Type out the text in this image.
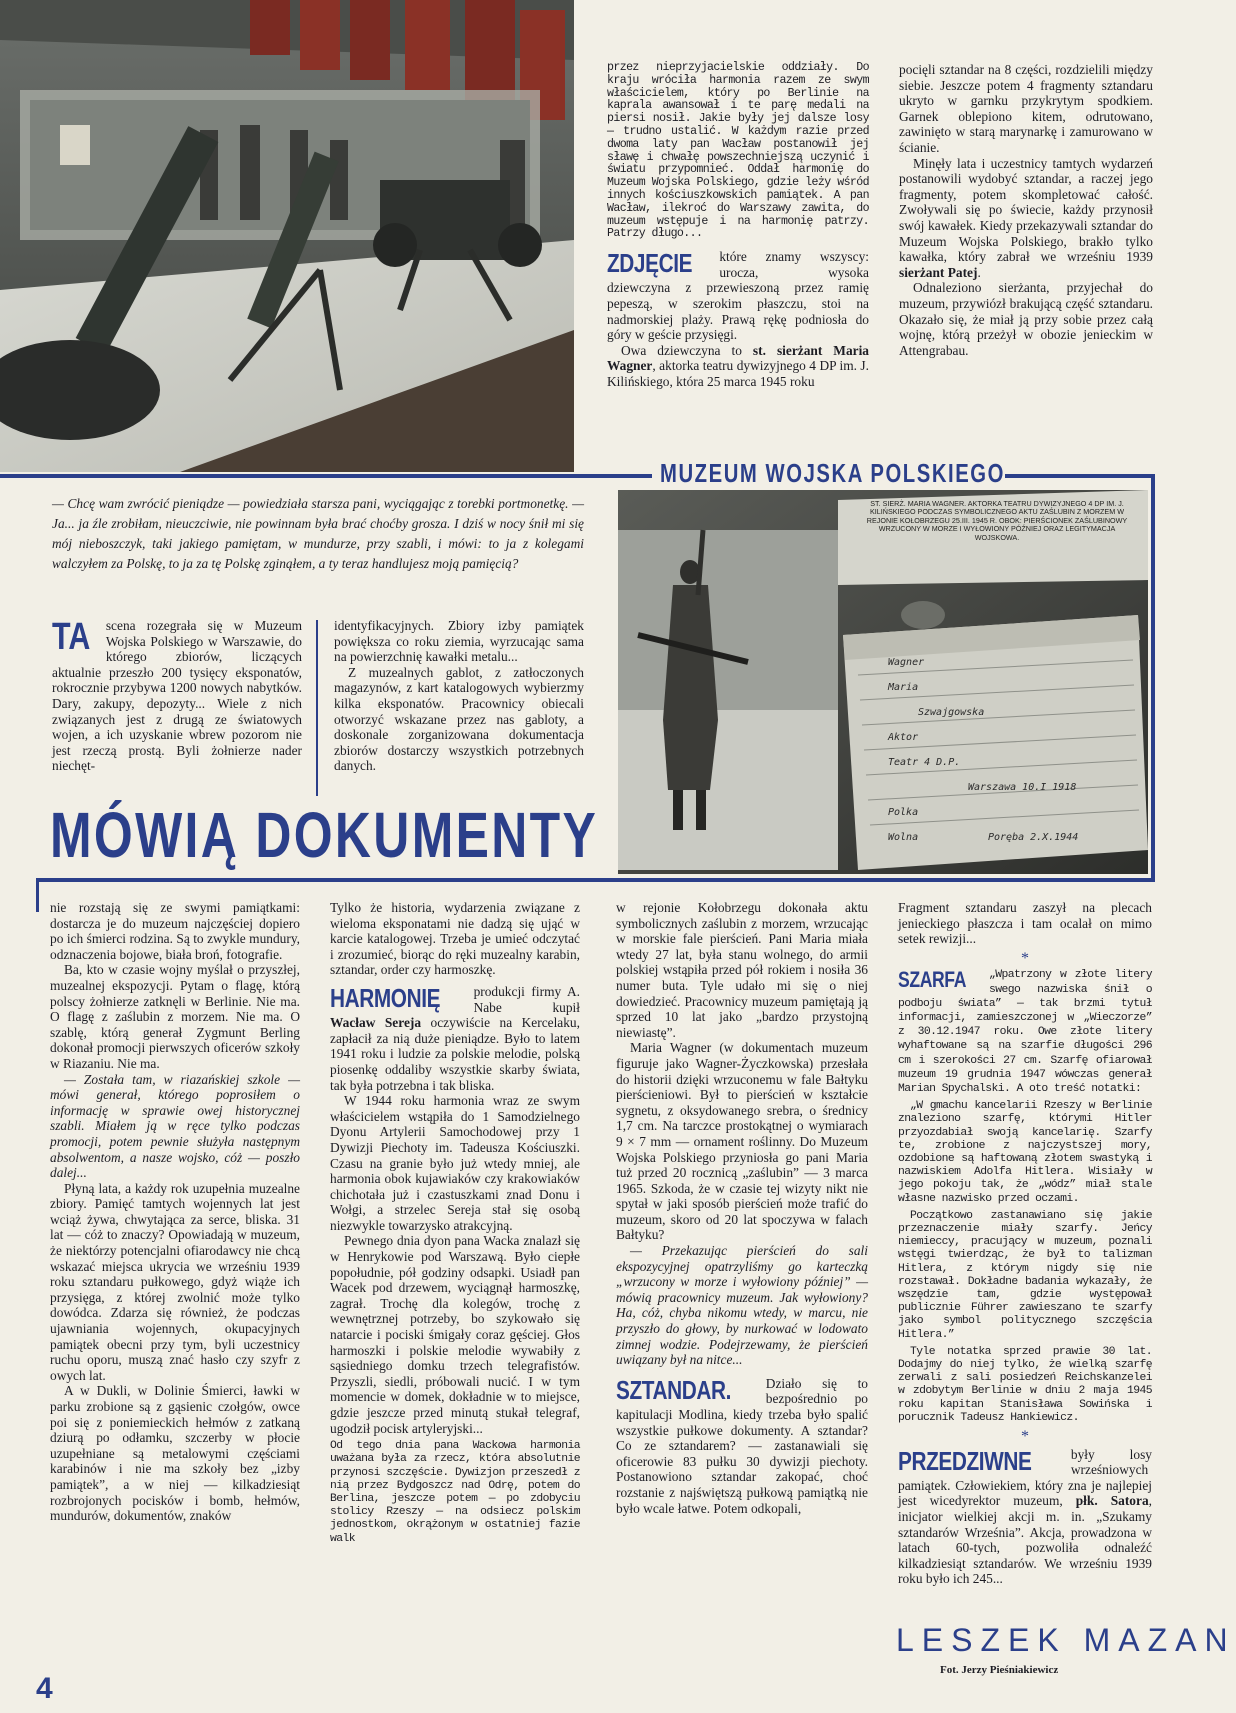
przez nieprzyjacielskie oddziały. Do kraju wróciła harmonia razem ze swym właścicielem, który po Berlinie na kaprala awansował i te parę medali na piersi nosił. Jakie były jej dalsze losy — trudno ustalić. W każdym razie przed dwoma laty pan Wacław postanowił jej sławę i chwałę powszechniejszą uczynić i światu przypomnieć. Oddał harmonię do Muzeum Wojska Polskiego, gdzie leży wśród innych kościuszkowskich pamiątek. A pan Wacław, ilekroć do Warszawy zawita, do muzeum wstępuje i na harmonię patrzy. Patrzy długo...

ZDJĘCIE które znamy wszyscy: urocza, wysoka dziewczyna z przewieszoną przez ramię pepeszą, w szerokim płaszczu, stoi na nadmorskiej plaży. Prawą rękę podniosła do góry w geście przysięgi.

Owa dziewczyna to st. sierżant Maria Wagner, aktorka teatru dywizyjnego 4 DP im. J. Kilińskiego, która 25 marca 1945 roku

pocięli sztandar na 8 części, rozdzielili między siebie. Jeszcze potem 4 fragmenty sztandaru ukryto w garnku przykrytym spodkiem. Garnek oblepiono kitem, odrutowano, zawinięto w starą marynarkę i zamurowano w ścianie.

Minęły lata i uczestnicy tamtych wydarzeń postanowili wydobyć sztandar, a raczej jego fragmenty, potem skompletować całość. Zwoływali się po świecie, każdy przynosił swój kawałek. Kiedy przekazywali sztandar do Muzeum Wojska Polskiego, brakło tylko kawałka, który zabrał we wrześniu 1939 sierżant Patej.

Odnaleziono sierżanta, przyjechał do muzeum, przywiózł brakującą część sztandaru. Okazało się, że miał ją przy sobie przez całą wojnę, którą przeżył w obozie jenieckim w Attengrabau.

MUZEUM WOJSKA POLSKIEGO
— Chcę wam zwrócić pieniądze — powiedziała starsza pani, wyciągając z torebki portmonetkę. — Ja... ja źle zrobiłam, nieuczciwie, nie powinnam była brać choćby grosza. I dziś w nocy śnił mi się mój nieboszczyk, taki jakiego pamiętam, w mundurze, przy szabli, i mówi: to ja z kolegami walczyłem za Polskę, to ja za tę Polskę zginąłem, a ty teraz handlujesz moją pamięcią?

TA scena rozegrała się w Muzeum Wojska Polskiego w Warszawie, do którego zbiorów, liczących aktualnie przeszło 200 tysięcy eksponatów, rokrocznie przybywa 1200 nowych nabytków. Dary, zakupy, depozyty... Wiele z nich związanych jest z drugą ze światowych wojen, a ich uzyskanie wbrew pozorom nie jest rzeczą prostą. Byli żołnierze nader niechęt-

identyfikacyjnych. Zbiory izby pamiątek powiększa co roku ziemia, wyrzucając sama na powierzchnię kawałki metalu...

Z muzealnych gablot, z zatłoczonych magazynów, z kart katalogowych wybierzmy kilka eksponatów. Pracownicy obiecali otworzyć wskazane przez nas gabloty, a doskonale zorganizowana dokumentacja zbiorów dostarczy wszystkich potrzebnych danych.

MÓWIĄ DOKUMENTY
ST. SIERŻ. MARIA WAGNER. AKTORKA TEATRU DYWIZYJNEGO 4 DP IM. J. KILIŃSKIEGO PODCZAS SYMBOLICZNEGO AKTU ZAŚLUBIN Z MORZEM W REJONIE KOŁOBRZEGU 25.III. 1945 R. OBOK: PIERŚCIONEK ZAŚLUBINOWY WRZUCONY W MORZE I WYŁOWIONY PÓŹNIEJ ORAZ LEGITYMACJA WOJSKOWA.
Wagner
Maria
Szwajgowska
Aktor
Teatr 4 D.P.
Warszawa 10.I 1918
Polka
Wolna	Poręba 2.X.1944

nie rozstają się ze swymi pamiątkami: dostarcza je do muzeum najczęściej dopiero po ich śmierci rodzina. Są to zwykle mundury, odznaczenia bojowe, biała broń, fotografie.

Ba, kto w czasie wojny myślał o przyszłej, muzealnej ekspozycji. Pytam o flagę, którą polscy żołnierze zatknęli w Berlinie. Nie ma. O flagę z zaślubin z morzem. Nie ma. O szablę, którą generał Zygmunt Berling dokonał promocji pierwszych oficerów szkoły w Riazaniu. Nie ma.

— Została tam, w riazańskiej szkole — mówi generał, którego poprosiłem o informację w sprawie owej historycznej szabli. Miałem ją w ręce tylko podczas promocji, potem pewnie służyła następnym absolwentom, a nasze wojsko, cóż — poszło dalej...

Płyną lata, a każdy rok uzupełnia muzealne zbiory. Pamięć tamtych wojennych lat jest wciąż żywa, chwytająca za serce, bliska. 31 lat — cóż to znaczy? Opowiadają w muzeum, że niektórzy potencjalni ofiarodawcy nie chcą wskazać miejsca ukrycia we wrześniu 1939 roku sztandaru pułkowego, gdyż wiąże ich przysięga, z której zwolnić może tylko dowódca. Zdarza się również, że podczas ujawniania wojennych, okupacyjnych pamiątek obecni przy tym, byli uczestnicy ruchu oporu, muszą znać hasło czy szyfr z owych lat.

A w Dukli, w Dolinie Śmierci, ławki w parku zrobione są z gąsienic czołgów, owce poi się z poniemieckich hełmów z zatkaną dziurą po odłamku, szczerby w płocie uzupełniane są metalowymi częściami karabinów i nie ma szkoły bez „izby pamiątek”, a w niej — kilkadziesiąt rozbrojonych pocisków i bomb, hełmów, mundurów, dokumentów, znaków

Tylko że historia, wydarzenia związane z wieloma eksponatami nie dadzą się ująć w karcie katalogowej. Trzeba je umieć odczytać i zrozumieć, biorąc do ręki muzealny karabin, sztandar, order czy harmoszkę.

HARMONIĘ	produkcji firmy A. Nabe kupił Wacław Sereja oczywiście na Kercelaku, zapłacił za nią duże pieniądze. Było to latem 1941 roku i ludzie za polskie melodie, polską piosenkę oddaliby wszystkie skarby świata, tak była potrzebna i tak bliska.

W 1944 roku harmonia wraz ze swym właścicielem wstąpiła do 1 Samodzielnego Dyonu Artylerii Samochodowej przy 1 Dywizji Piechoty im. Tadeusza Kościuszki. Czasu na granie było już wtedy mniej, ale harmonia obok kujawiaków czy krakowiaków chichotała już i czastuszkami znad Donu i Wołgi, a strzelec Sereja stał się osobą niezwykle towarzysko atrakcyjną.

Pewnego dnia dyon pana Wacka znalazł się w Henrykowie pod Warszawą. Było ciepłe popołudnie, pół godziny odsapki. Usiadł pan Wacek pod drzewem, wyciągnął harmoszkę, zagrał. Trochę dla kolegów, trochę z wewnętrznej potrzeby, bo szykowało się natarcie i pociski śmigały coraz gęściej. Głos harmoszki i polskie melodie wywabiły z sąsiedniego domku trzech telegrafistów. Przyszli, siedli, próbowali nucić. I w tym momencie w domek, dokładnie w to miejsce, gdzie jeszcze przed minutą stukał telegraf, ugodził pocisk artyleryjski...

Od tego dnia pana Wackowa harmonia uważana była za rzecz, która absolutnie przynosi szczęście. Dywizjon przeszedł z nią przez Bydgoszcz nad Odrę, potem do Berlina, jeszcze potem — po zdobyciu stolicy Rzeszy — na odsiecz polskim jednostkom, okrążonym w ostatniej fazie walk

w rejonie Kołobrzegu dokonała aktu symbolicznych zaślubin z morzem, wrzucając w morskie fale pierścień. Pani Maria miała wtedy 27 lat, była stanu wolnego, do armii polskiej wstąpiła przed pół rokiem i nosiła 36 numer buta. Tyle udało mi się o niej dowiedzieć. Pracownicy muzeum pamiętają ją sprzed 10 lat jako „bardzo przystojną niewiastę”.

Maria Wagner (w dokumentach muzeum figuruje jako Wagner-Życzkowska) przesłała do historii dzięki wrzuconemu w fale Bałtyku pierścieniowi. Był to pierścień w kształcie sygnetu, z oksydowanego srebra, o średnicy 1,7 cm. Na tarczce prostokątnej o wymiarach 9 × 7 mm — ornament roślinny. Do Muzeum Wojska Polskiego przyniosła go pani Maria tuż przed 20 rocznicą „zaślubin” — 3 marca 1965. Szkoda, że w czasie tej wizyty nikt nie spytał w jaki sposób pierścień może trafić do muzeum, skoro od 20 lat spoczywa w falach Bałtyku?

— Przekazując pierścień do sali ekspozycyjnej opatrzyliśmy go karteczką „wrzucony w morze i wyłowiony później” — mówią pracownicy muzeum. Jak wyłowiony? Ha, cóż, chyba nikomu wtedy, w marcu, nie przyszło do głowy, by nurkować w lodowato zimnej wodzie. Podejrzewamy, że pierścień uwiązany był na nitce...

SZTANDAR.	Działo się to bezpośrednio po kapitulacji Modlina, kiedy trzeba było spalić wszystkie pułkowe dokumenty. A sztandar? Co ze sztandarem? — zastanawiali się oficerowie 83 pułku 30 dywizji piechoty. Postanowiono sztandar zakopać, choć rozstanie z najświętszą pułkową pamiątką nie było wcale łatwe. Potem odkopali,

Fragment sztandaru zaszył na plecach jenieckiego płaszcza i tam ocalał on mimo setek rewizji...

*

SZARFA „Wpatrzony w złote litery swego nazwiska śnił o podboju świata” — tak brzmi tytuł informacji, zamieszczonej w „Wieczorze” z 30.12.1947 roku. Owe złote litery wyhaftowane są na szarfie długości 296 cm i szerokości 27 cm. Szarfę ofiarował muzeum 19 grudnia 1947 wówczas generał Marian Spychalski. A oto treść notatki:

„W gmachu kancelarii Rzeszy w Berlinie znaleziono szarfę, którymi Hitler przyozdabiał swoją kancelarię. Szarfy te, zrobione z najczystszej mory, ozdobione są haftowaną złotem swastyką i nazwiskiem Adolfa Hitlera. Wisiały w jego pokoju tak, że „wódz” miał stale własne nazwisko przed oczami.

Początkowo zastanawiano się jakie przeznaczenie miały szarfy. Jeńcy niemieccy, pracujący w muzeum, poznali wstęgi twierdząc, że był to talizman Hitlera, z którym nigdy się nie rozstawał. Dokładne badania wykazały, że wszędzie tam, gdzie występował publicznie Führer zawieszano te szarfy jako symbol politycznego szczęścia Hitlera.”

Tyle notatka sprzed prawie 30 lat. Dodajmy do niej tylko, że wielką szarfę zerwali z sali posiedzeń Reichskanzelei w zdobytym Berlinie w dniu 2 maja 1945 roku kapitan Stanisława Sowińska i porucznik Tadeusz Hankiewicz.

*

PRZEDZIWNE	były losy wrześniowych pamiątek. Człowiekiem, który zna je najlepiej jest wicedyrektor muzeum, płk. Satora, inicjator wielkiej akcji m. in. „Szukamy sztandarów Września”. Akcja, prowadzona w latach 60-tych, pozwoliła odnaleźć kilkadziesiąt sztandarów. We wrześniu 1939 roku było ich 245...

LESZEK MAZAN
Fot. Jerzy Pieśniakiewicz
4
